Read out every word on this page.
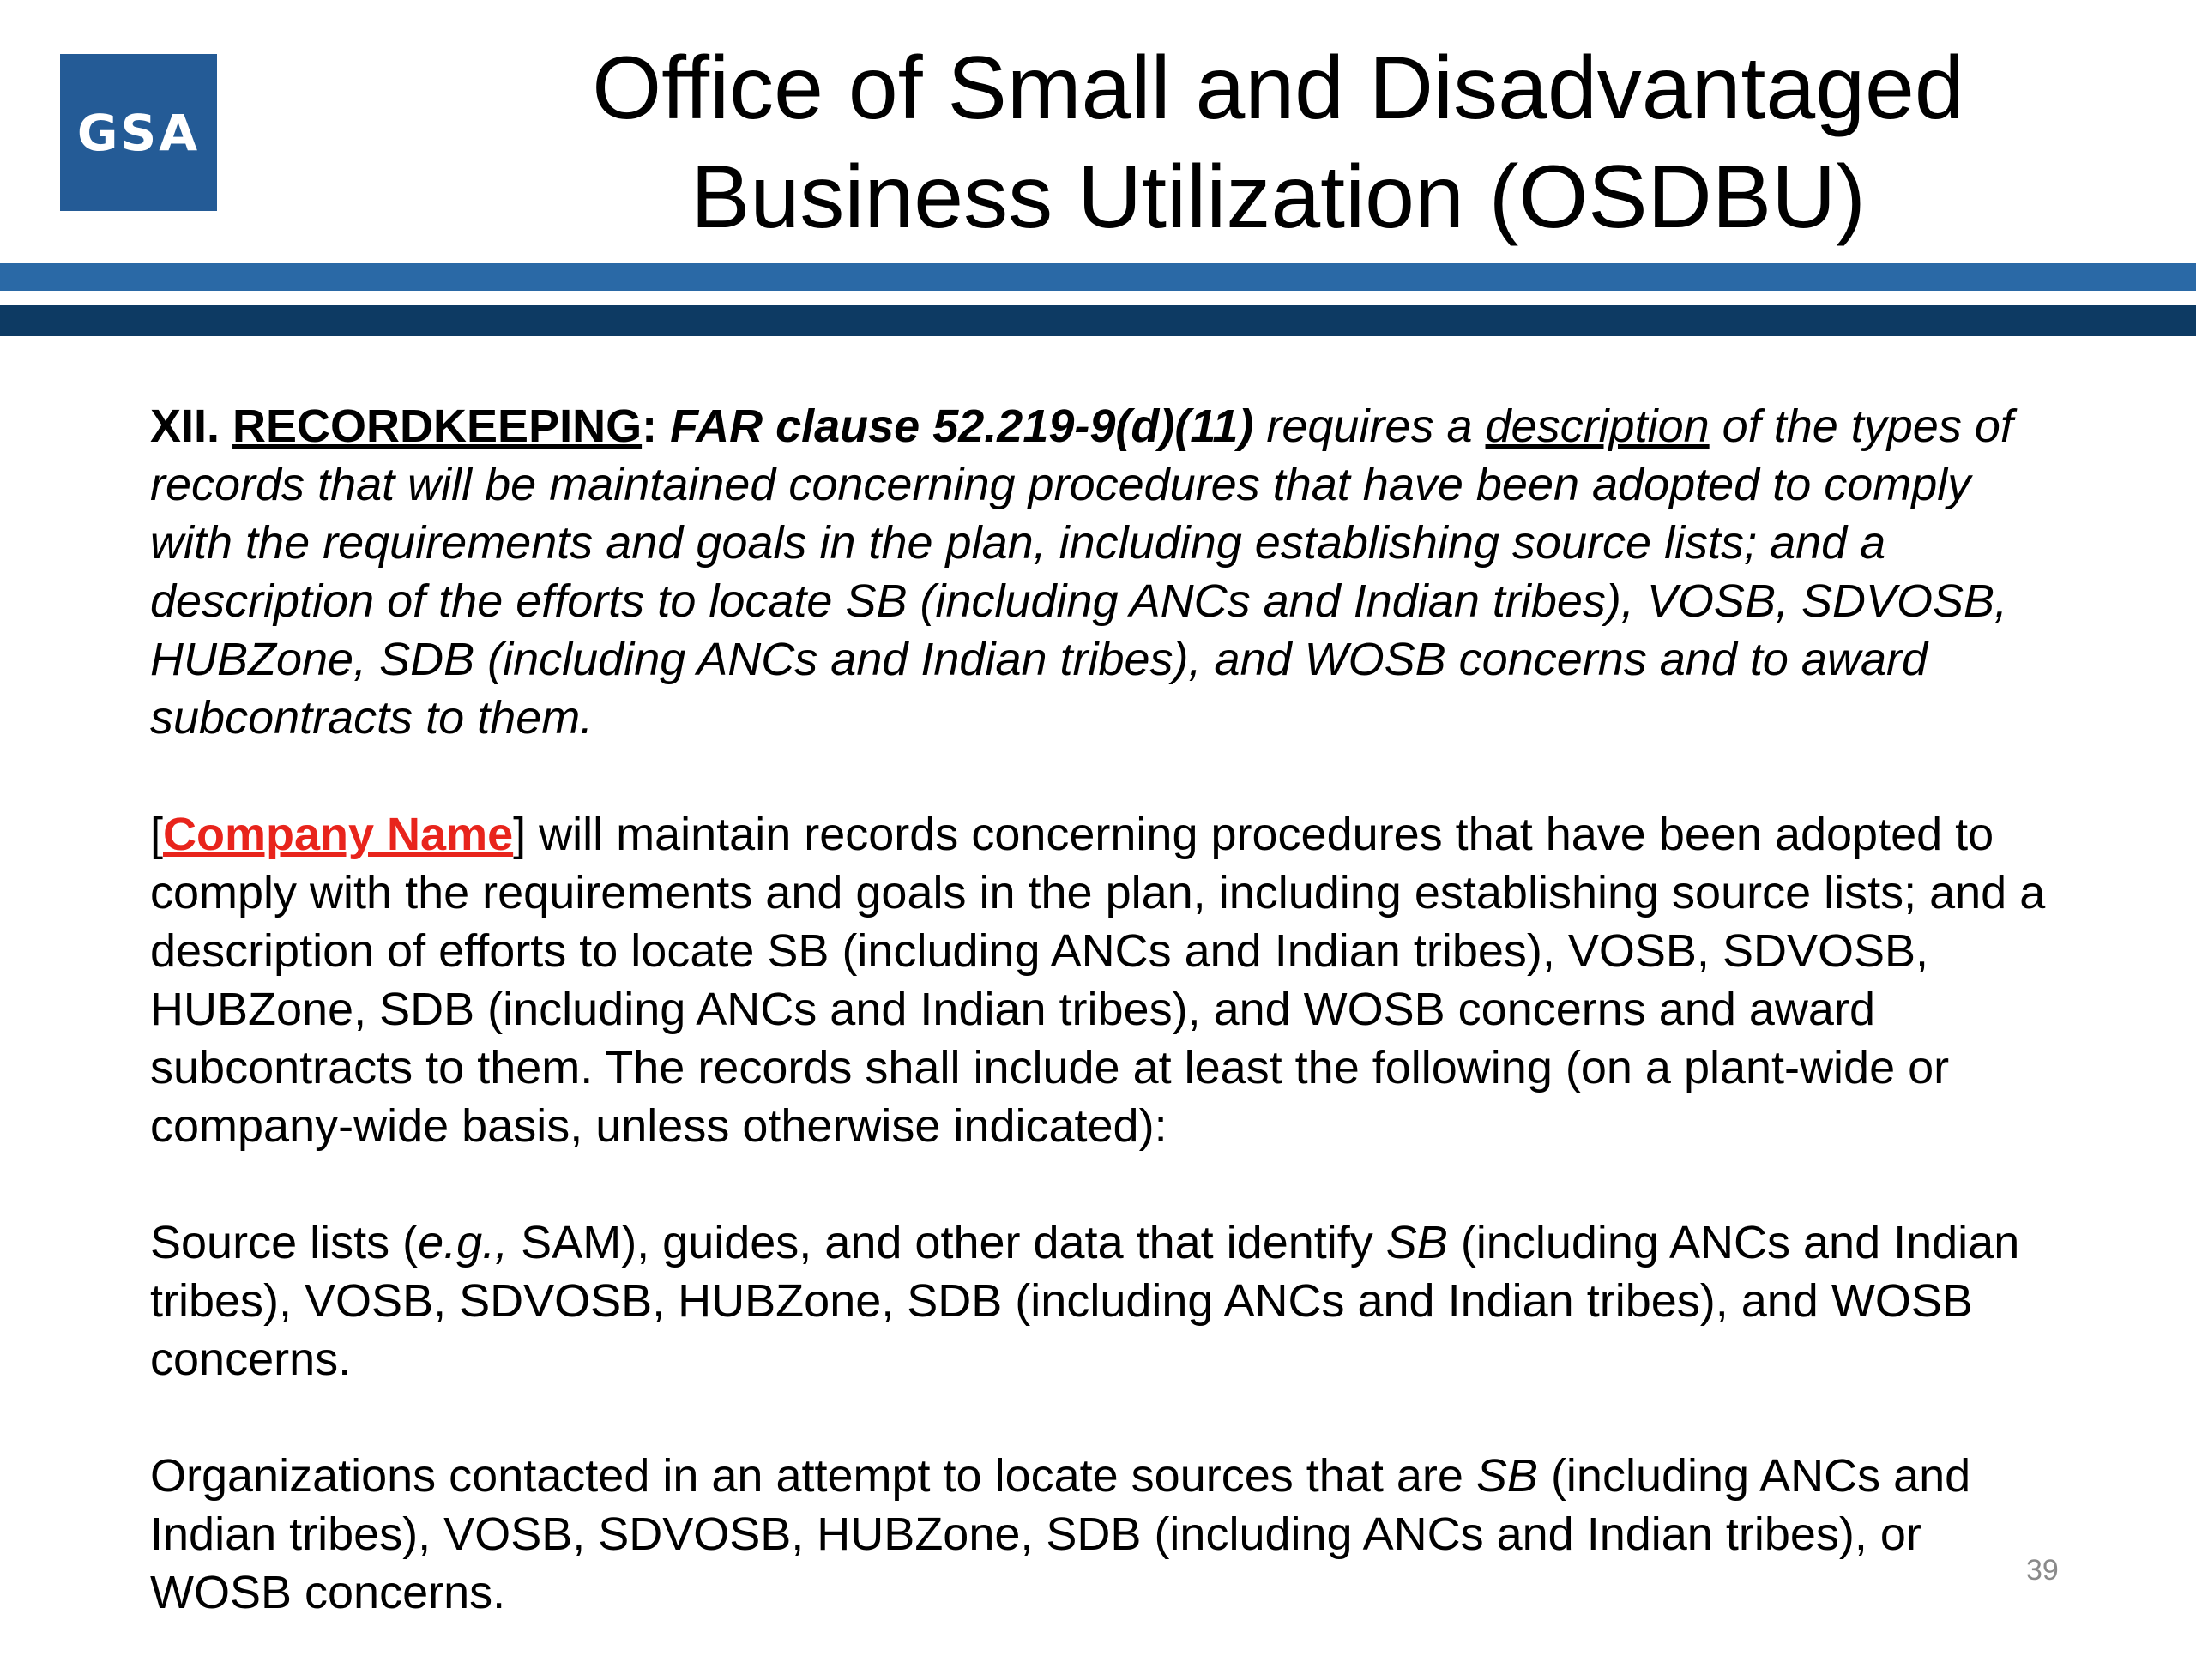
GSA	Office of Small and Disadvantaged
Business Utilization (OSDBU)

XII. RECORDKEEPING: FAR clause 52.219-9(d)(11) requires a description of the types of records that will be maintained concerning procedures that have been adopted to comply with the requirements and goals in the plan, including establishing source lists; and a description of the efforts to locate SB (including ANCs and Indian tribes), VOSB, SDVOSB, HUBZone, SDB (including ANCs and Indian tribes), and WOSB concerns and to award subcontracts to them.

[Company Name] will maintain records concerning procedures that have been adopted to comply with the requirements and goals in the plan, including establishing source lists; and a description of efforts to locate SB (including ANCs and Indian tribes), VOSB, SDVOSB, HUBZone, SDB (including ANCs and Indian tribes), and WOSB concerns and award subcontracts to them. The records shall include at least the following (on a plant-wide or company-wide basis, unless otherwise indicated):

Source lists (e.g., SAM), guides, and other data that identify SB (including ANCs and Indian tribes), VOSB, SDVOSB, HUBZone, SDB (including ANCs and Indian tribes), and WOSB concerns.

Organizations contacted in an attempt to locate sources that are SB (including ANCs and Indian tribes), VOSB, SDVOSB, HUBZone, SDB (including ANCs and Indian tribes), or WOSB concerns.	39
